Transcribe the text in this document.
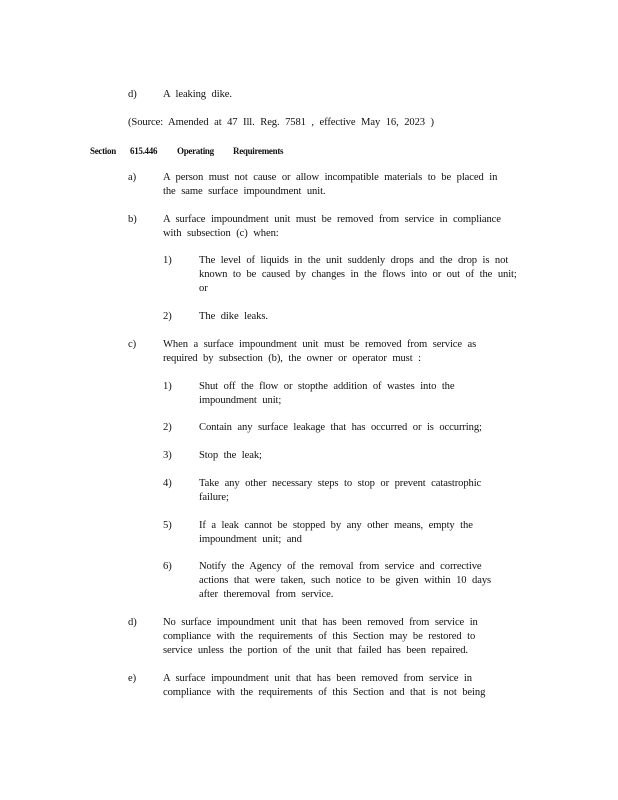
d) A leaking dike.
(Source: Amended at 47 Ill. Reg. 7581 , effective May 16, 2023 )
Section 615.446 Operating Requirements
a)	A person must not cause or allow incompatible materials to be placed in
the same surface impoundment unit.
b) A surface impoundment unit must be removed from service in compliance
with subsection (c) when:
1)	The level of liquids in the unit suddenly drops and the drop is not
known to be caused by changes in the flows into or out of the unit;
or
2)	The dike leaks.
c)	When a surface impoundment unit must be removed from service as
required by subsection (b), the owner or operator must :
1)	Shut off the flow or stopthe addition of wastes into the
impoundment unit;
2)	Contain any surface leakage that has occurred or is occurring;
3)	Stop the leak;
4)	Take any other necessary steps to stop or prevent catastrophic
failure;
5)	If a leak cannot be stopped by any other means, empty the
impoundment unit; and
6)	Notify the Agency of the removal from service and corrective
actions that were taken, such notice to be given within 10 days
after theremoval from service.
d) No surface impoundment unit that has been removed from service in
compliance with the requirements of this Section may be restored to
service unless the portion of the unit that failed has been repaired.
e)	A surface impoundment unit that has been removed from service in
compliance with the requirements of this Section and that is not being
